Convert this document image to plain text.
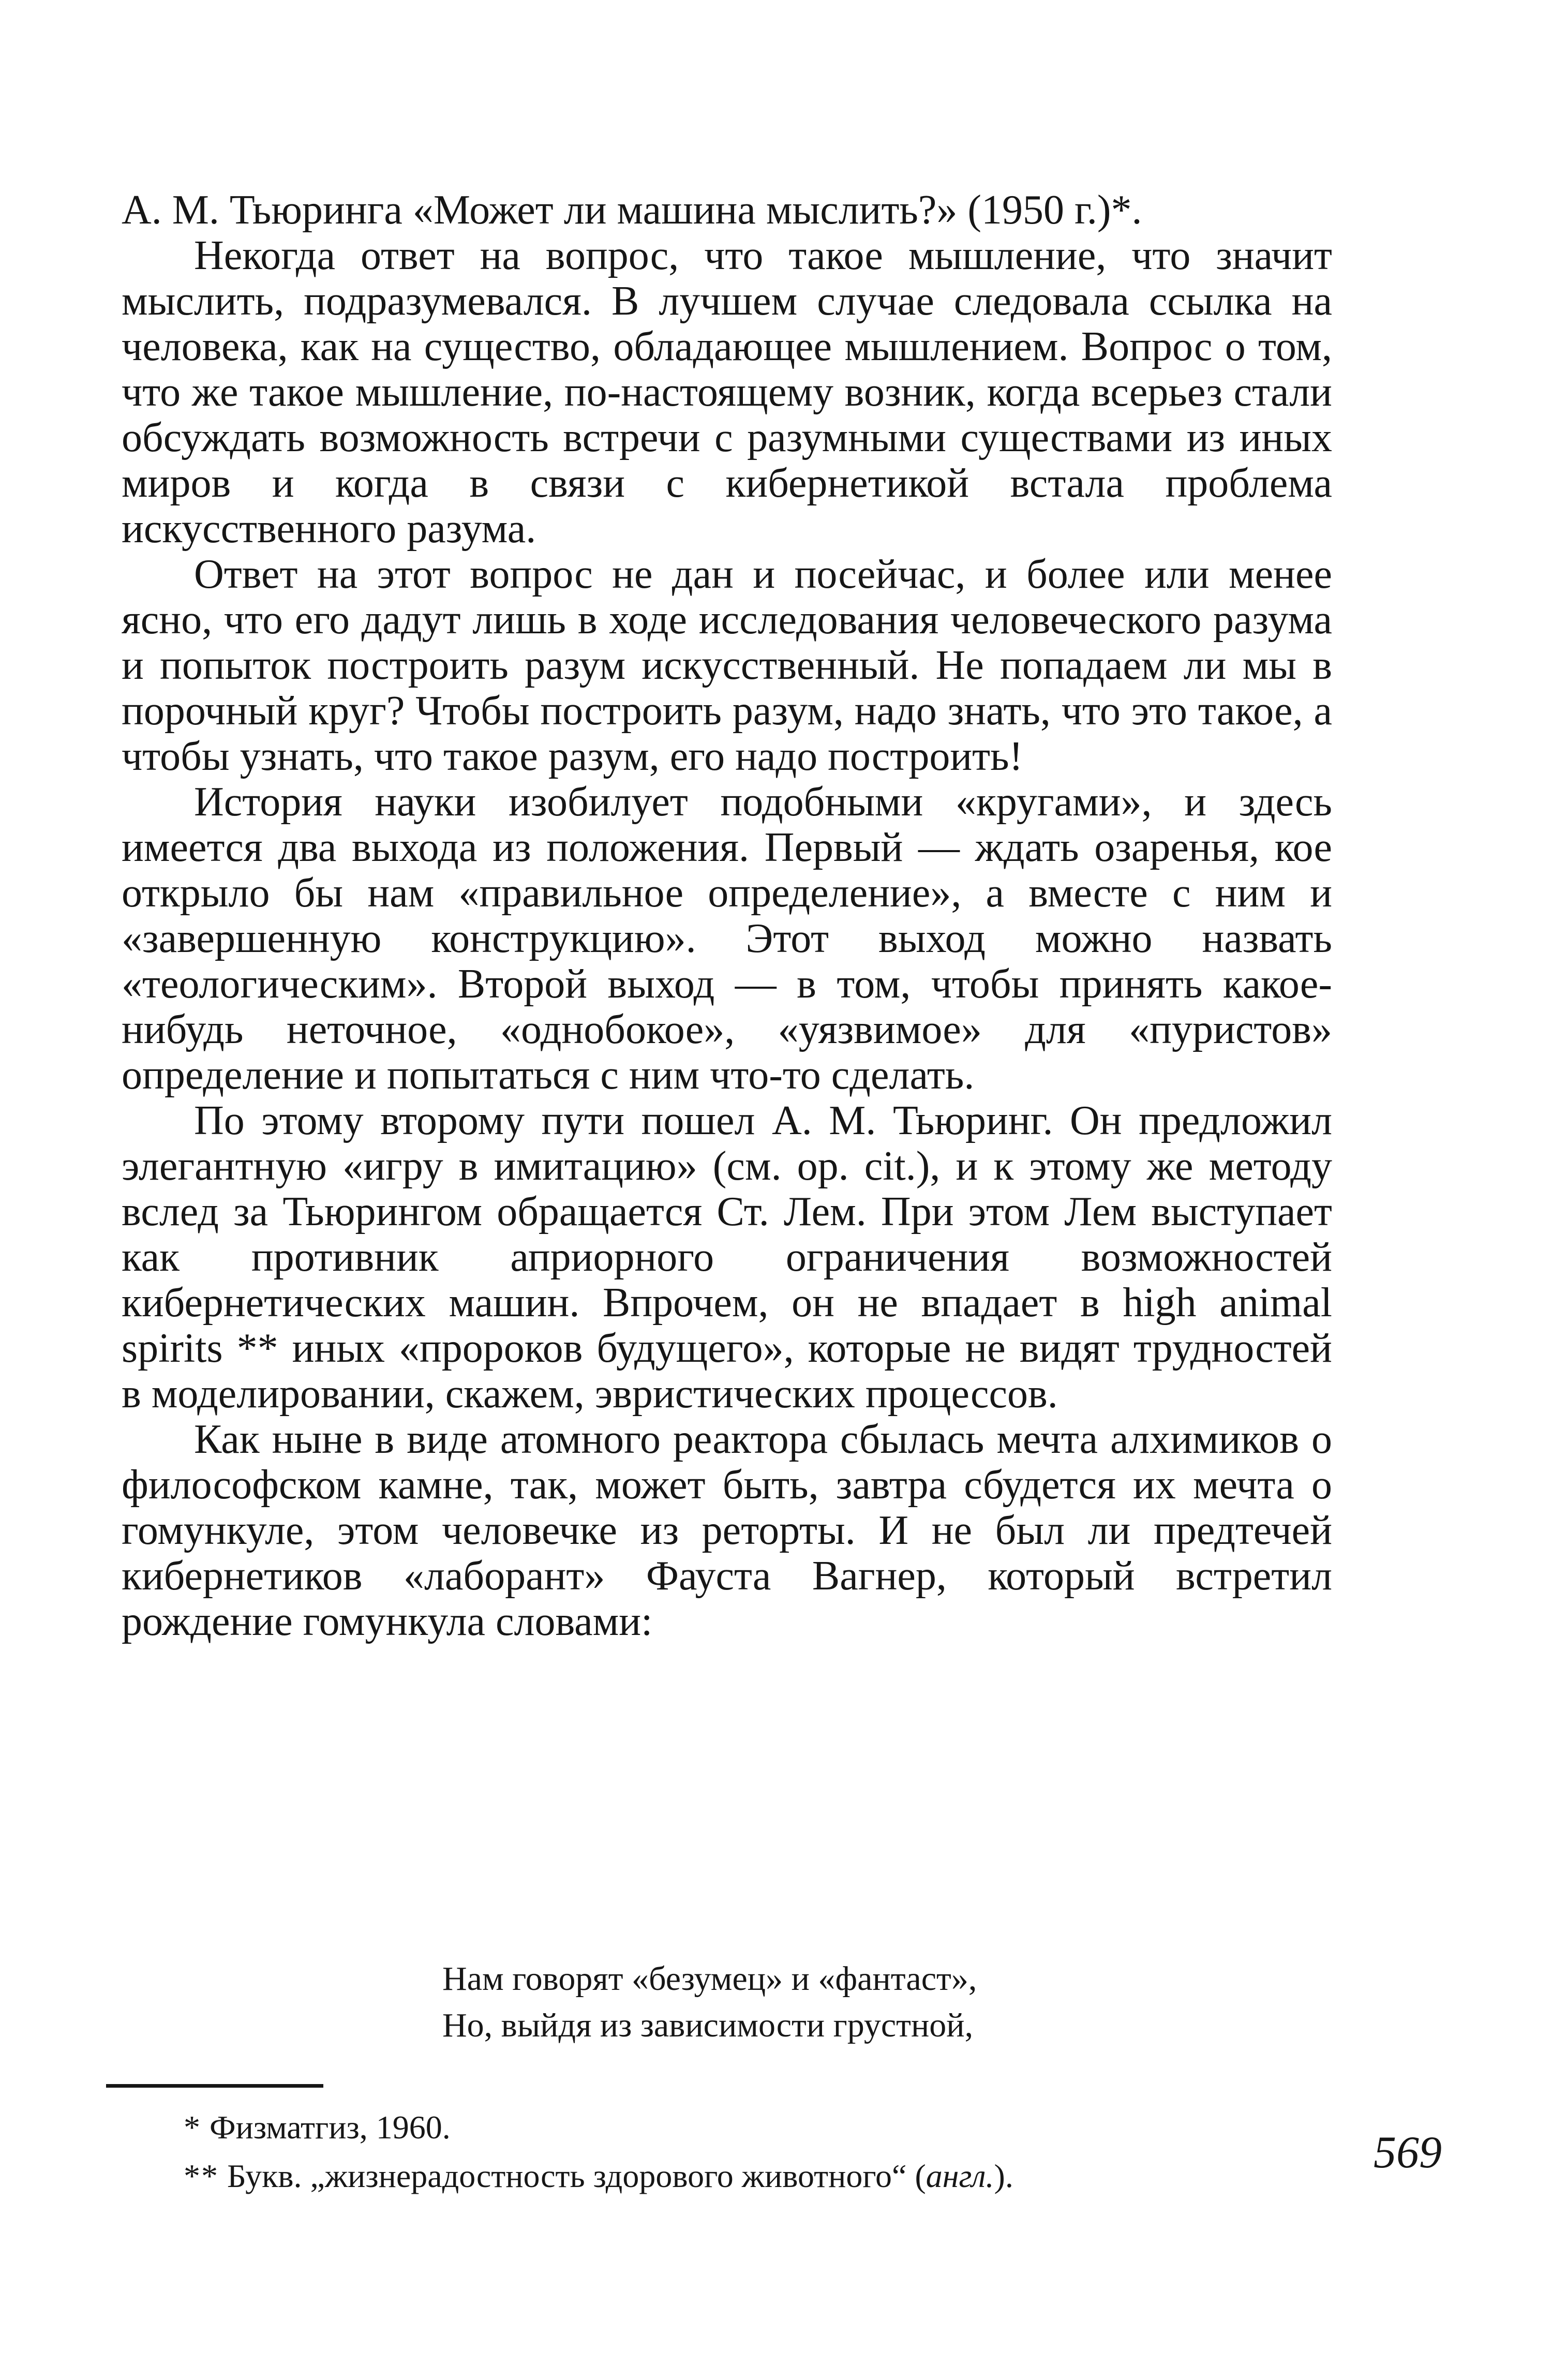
А. М. Тьюринга «Может ли машина мыслить?» (1950 г.)*.

Некогда ответ на вопрос, что такое мышление, что значит мыслить, подразумевался. В лучшем случае следовала ссылка на человека, как на существо, обладающее мышлением. Вопрос о том, что же такое мышление, по-настоящему возник, когда всерьез стали обсуждать возможность встречи с разумными существами из иных миров и когда в связи с кибернетикой встала проблема искусственного разума.

Ответ на этот вопрос не дан и посейчас, и более или менее ясно, что его дадут лишь в ходе исследования человеческого разума и попыток построить разум искусственный. Не попадаем ли мы в порочный круг? Чтобы построить разум, надо знать, что это такое, а чтобы узнать, что такое разум, его надо построить!

История науки изобилует подобными «кругами», и здесь имеется два выхода из положения. Первый — ждать озаренья, кое открыло бы нам «правильное определение», а вместе с ним и «завершенную конструкцию». Этот выход можно назвать «теологическим». Второй выход — в том, чтобы принять какое-нибудь неточное, «однобокое», «уязвимое» для «пуристов» определение и попытаться с ним что-то сделать.

По этому второму пути пошел А. М. Тьюринг. Он предложил элегантную «игру в имитацию» (см. op. cit.), и к этому же методу вслед за Тьюрингом обращается Ст. Лем. При этом Лем выступает как противник априорного ограничения возможностей кибернетических машин. Впрочем, он не впадает в high animal spirits ** иных «пророков будущего», которые не видят трудностей в моделировании, скажем, эвристических процессов.

Как ныне в виде атомного реактора сбылась мечта алхимиков о философском камне, так, может быть, завтра сбудется их мечта о гомункуле, этом человечке из реторты. И не был ли предтечей кибернетиков «лаборант» Фауста Вагнер, который встретил рождение гомункула словами:

Нам говорят «безумец» и «фантаст»,
Но, выйдя из зависимости грустной,
* Физматгиз, 1960.
** Букв. „жизнерадостность здорового животного“ (англ.).	569
